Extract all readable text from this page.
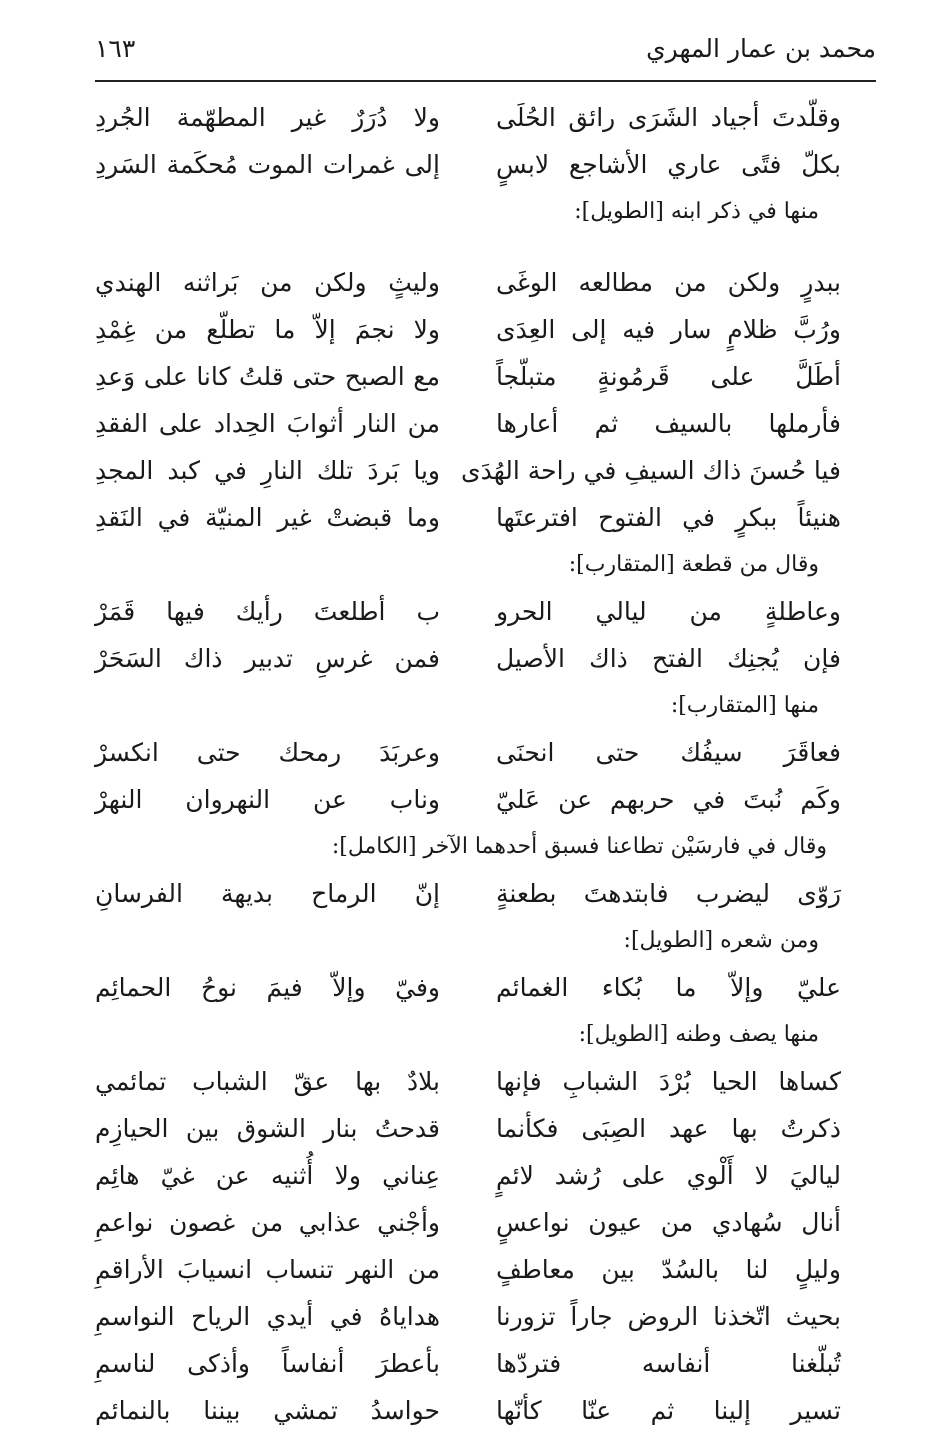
محمد بن عمار المهري
١٦٣
وقلّدتَ أجياد الشَرَى رائق الحُلَى
ولا دُرَرٌ غير المطهّمة الجُردِ
بكلّ فتًى عاري الأشاجع لابسٍ
إلى غمرات الموت مُحكَمة السَردِ
منها في ذكر ابنه [الطويل]:
ببدرٍ ولكن من مطالعه الوغَى
وليثٍ ولكن من بَراثنه الهندي
ورُبَّ ظلامٍ سار فيه إلى العِدَى
ولا نجمَ إلاّ ما تطلّع من غِمْدِ
أطَلَّ على قَرمُونةٍ متبلّجاً
مع الصبح حتى قلتُ كانا على وَعدِ
فأرملها بالسيف ثم أعارها
من النار أثوابَ الحِداد على الفقدِ
فيا حُسنَ ذاك السيفِ في راحة الهُدَى
ويا بَردَ تلك النارِ في كبد المجدِ
هنيئاً ببكرٍ في الفتوح افترعتَها
وما قبضتْ غير المنيّة في النَقدِ
وقال من قطعة [المتقارب]:
وعاطلةٍ من ليالي الحرو
ب أطلعتَ رأيك فيها قَمَرْ
فإن يُجنِك الفتح ذاك الأصيل
فمن غرسِ تدبير ذاك السَحَرْ
منها [المتقارب]:
فعاقَرَ سيفُك حتى انحنَى
وعربَدَ رمحك حتى انكسرْ
وكَم نُبتَ في حربهم عن عَليّ
وناب عن النهروان النهرْ
وقال في فارسَيْن تطاعنا فسبق أحدهما الآخر [الكامل]:
رَوّى ليضرب فابتدهتَ بطعنةٍ
إنّ الرماح بديهة الفرسانِ
ومن شعره [الطويل]:
عليّ وإلاّ ما بُكاء الغمائم
وفيّ وإلاّ فيمَ نوحُ الحمائِم
منها يصف وطنه [الطويل]:
كساها الحيا بُرْدَ الشبابِ فإنها
بلادٌ بها عقّ الشباب تمائمي
ذكرتُ بها عهد الصِبَى فكأنما
قدحتُ بنار الشوق بين الحيازِم
لياليَ لا أَلْوي على رُشد لائمٍ
عِناني ولا أُثنيه عن غيّ هائِم
أنال سُهادي من عيون نواعسٍ
وأجْني عذابي من غصون نواعمِ
وليلٍ لنا بالسُدّ بين معاطفٍ
من النهر تنساب انسيابَ الأراقمِ
بحيث اتّخذنا الروض جاراً تزورنا
هداياهُ في أيدي الرياح النواسمِ
تُبلّغنا أنفاسه فتردّها
بأعطرَ أنفاساً وأذكى لناسمِ
تسير إلينا ثم عنّا كأنّها
حواسدُ تمشي بيننا بالنمائم
